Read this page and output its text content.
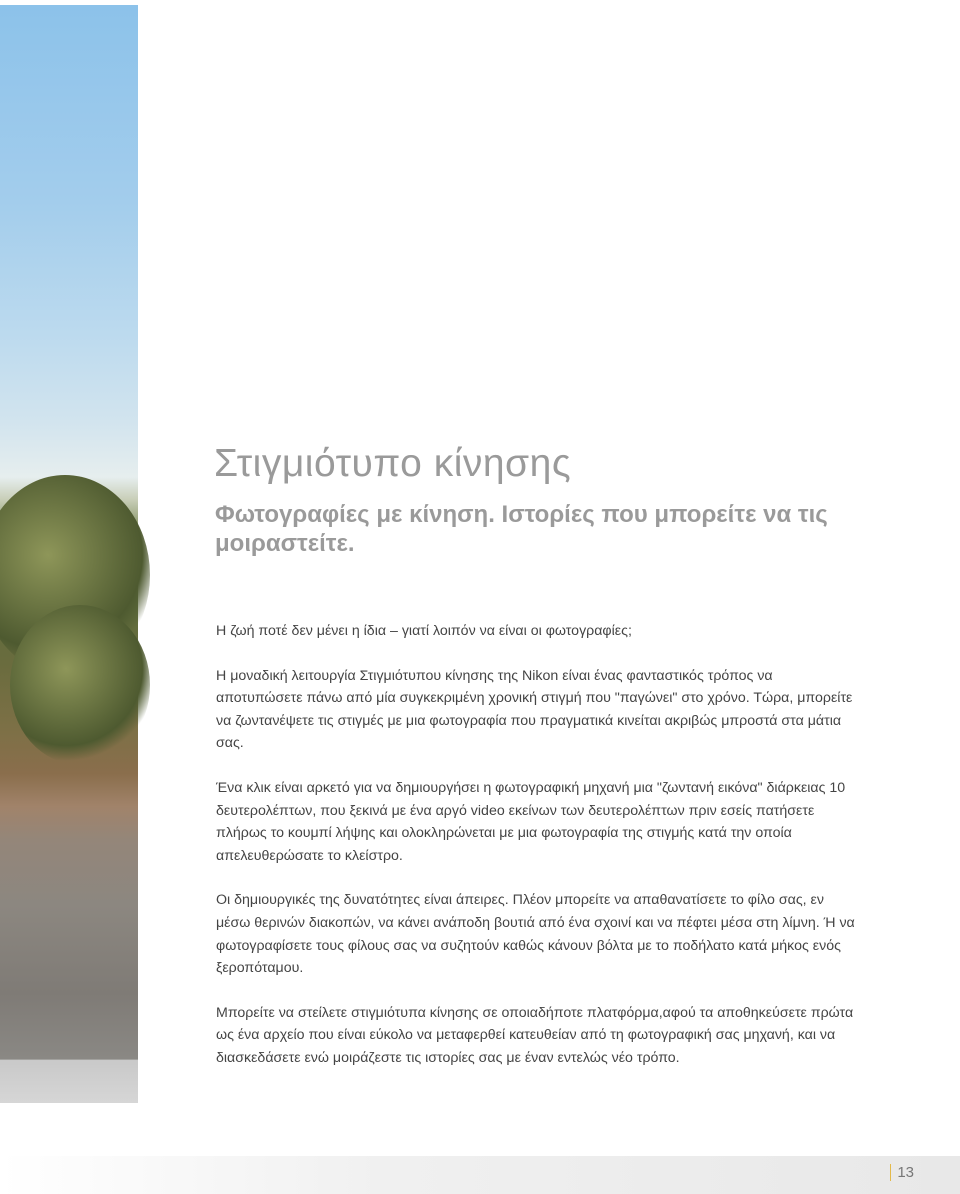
Στιγμιότυπο κίνησης
Φωτογραφίες με κίνηση. Ιστορίες που μπορείτε να τις μοιραστείτε.

Η ζωή ποτέ δεν μένει η ίδια – γιατί λοιπόν να είναι οι φωτογραφίες;

Η μοναδική λειτουργία Στιγμιότυπου κίνησης της Nikon είναι ένας φανταστικός τρόπος να αποτυπώσετε πάνω από μία συγκεκριμένη χρονική στιγμή που "παγώνει" στο χρόνο. Τώρα, μπορείτε να ζωντανέψετε τις στιγμές με μια φωτογραφία που πραγματικά κινείται ακριβώς μπροστά στα μάτια σας.

Ένα κλικ είναι αρκετό για να δημιουργήσει η φωτογραφική μηχανή μια "ζωντανή εικόνα" διάρκειας 10 δευτερολέπτων, που ξεκινά με ένα αργό video εκείνων των δευτερολέπτων πριν εσείς πατήσετε πλήρως το κουμπί λήψης και ολοκληρώνεται με μια φωτογραφία της στιγμής κατά την οποία απελευθερώσατε το κλείστρο.

Οι δημιουργικές της δυνατότητες είναι άπειρες. Πλέον μπορείτε να απαθανατίσετε το φίλο σας, εν μέσω θερινών διακοπών, να κάνει ανάποδη βουτιά από ένα σχοινί και να πέφτει μέσα στη λίμνη. Ή να φωτογραφίσετε τους φίλους σας να συζητούν καθώς κάνουν βόλτα με το ποδήλατο κατά μήκος ενός ξεροπόταμου.

Μπορείτε να στείλετε στιγμιότυπα κίνησης σε οποιαδήποτε πλατφόρμα,αφού τα αποθηκεύσετε πρώτα ως ένα αρχείο που είναι εύκολο να μεταφερθεί κατευθείαν από τη φωτογραφική σας μηχανή, και να διασκεδάσετε ενώ μοιράζεστε τις ιστορίες σας με έναν εντελώς νέο τρόπο.

13
